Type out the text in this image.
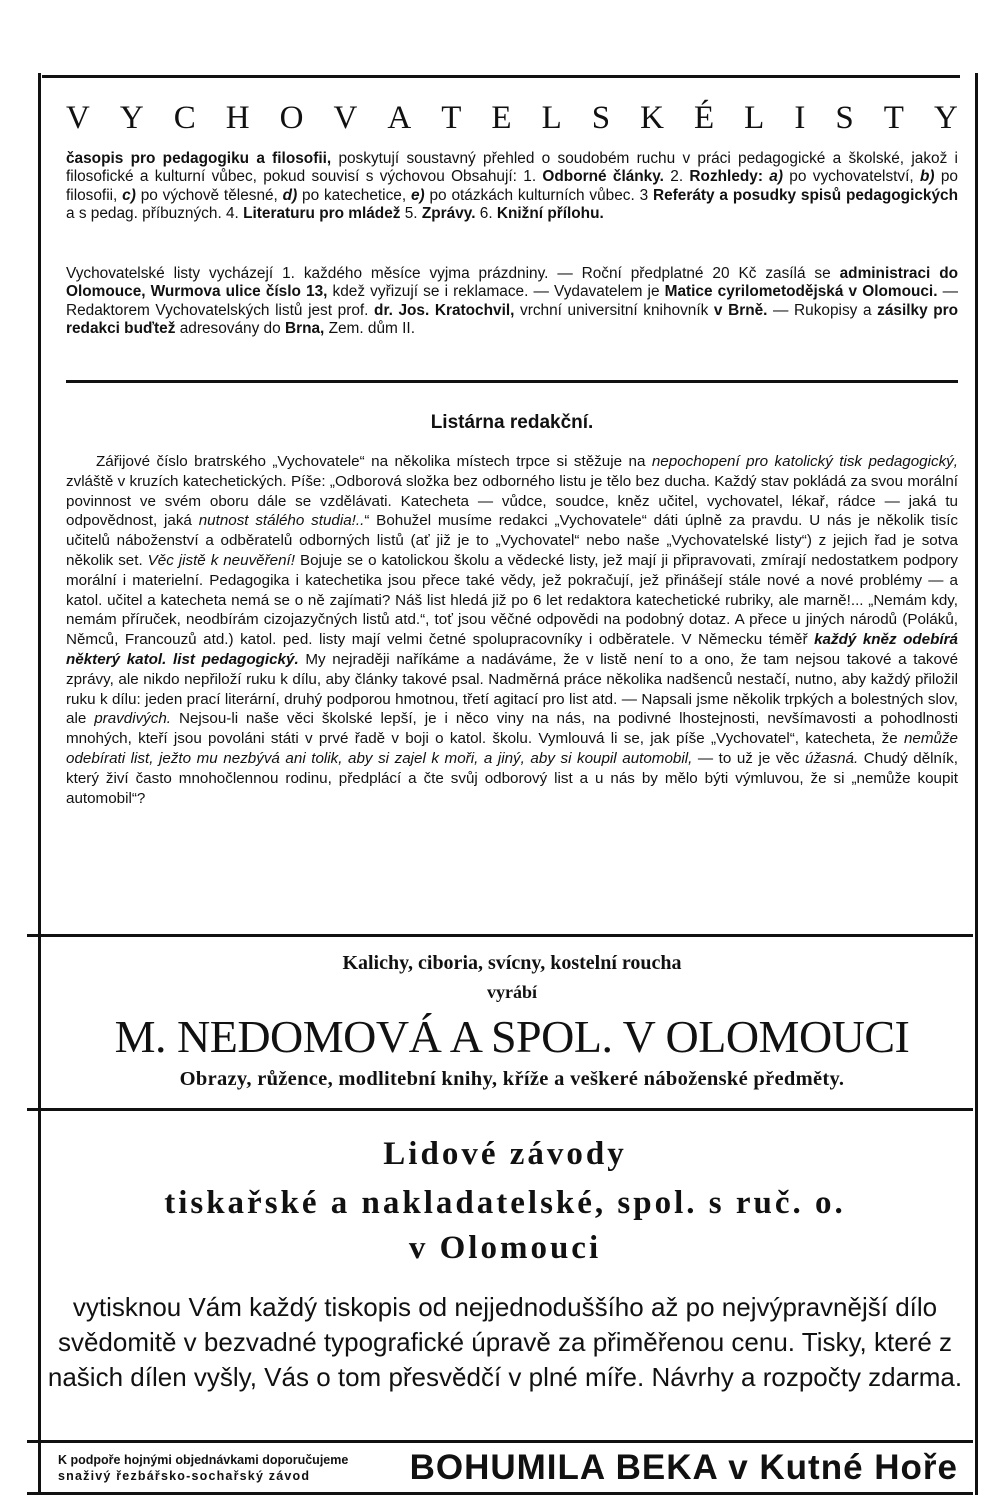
V Y C H O V A T E L S K É L I S T Y
časopis pro pedagogiku a filosofii, poskytují soustavný přehled o soudobém ruchu v práci pedagogické a školské, jakož i filosofické a kulturní vůbec, pokud souvisí s výchovou Obsahují: 1. Odborné články. 2. Rozhledy: a) po vychovatelství, b) po filosofii, c) po výchově tělesné, d) po katechetice, e) po otázkách kulturních vůbec. 3 Referáty a posudky spisů pedagogických a s pedag. příbuzných. 4. Literaturu pro mládež 5. Zprávy. 6. Knižní přílohu.
Vychovatelské listy vycházejí 1. každého měsíce vyjma prázdniny. — Roční předplatné 20 Kč zasílá se administraci do Olomouce, Wurmova ulice číslo 13, kdež vyřizují se i reklamace. — Vydavatelem je Matice cyrilometodějská v Olomouci. — Redaktorem Vychovatelských listů jest prof. dr. Jos. Kratochvil, vrchní universitní knihovník v Brně. — Rukopisy a zásilky pro redakci buďtež adresovány do Brna, Zem. dům II.
Listárna redakční.
Zářijové číslo bratrského „Vychovatele“ na několika místech trpce si stěžuje na nepochopení pro katolický tisk pedagogický, zvláště v kruzích katechetických. Píše: „Odborová složka bez odborného listu je tělo bez ducha. Každý stav pokládá za svou morální povinnost ve svém oboru dále se vzdělávati. Katecheta — vůdce, soudce, kněz učitel, vychovatel, lékař, rádce — jaká tu odpovědnost, jaká nutnost stálého studia!..“ Bohužel musíme redakci „Vychovatele“ dáti úplně za pravdu. U nás je několik tisíc učitelů náboženství a odběratelů odborných listů (ať již je to „Vychovatel“ nebo naše „Vychovatelské listy“) z jejich řad je sotva několik set. Věc jistě k neuvěření! Bojuje se o katolickou školu a vědecké listy, jež mají ji připravovati, zmírají nedostatkem podpory morální i materielní. Pedagogika i katechetika jsou přece také vědy, jež pokračují, jež přinášejí stále nové a nové problémy — a katol. učitel a katecheta nemá se o ně zajímati? Náš list hledá již po 6 let redaktora katechetické rubriky, ale marně!... „Nemám kdy, nemám příruček, neodbírám cizojazyčných listů atd.“, toť jsou věčné odpovědi na podobný dotaz. A přece u jiných národů (Poláků, Němců, Francouzů atd.) katol. ped. listy mají velmi četné spolupracovníky i odběratele. V Německu téměř každý kněz odebírá některý katol. list pedagogický. My nejraději naříkáme a nadáváme, že v listě není to a ono, že tam nejsou takové a takové zprávy, ale nikdo nepřiloží ruku k dílu, aby články takové psal. Nadměrná práce několika nadšenců nestačí, nutno, aby každý přiložil ruku k dílu: jeden prací literární, druhý podporou hmotnou, třetí agitací pro list atd. — Napsali jsme několik trpkých a bolestných slov, ale pravdivých. Nejsou-li naše věci školské lepší, je i něco viny na nás, na podivné lhostejnosti, nevšímavosti a pohodlnosti mnohých, kteří jsou povoláni státi v prvé řadě v boji o katol. školu. Vymlouvá li se, jak píše „Vychovatel“, katecheta, že nemůže odebírati list, ježto mu nezbývá ani tolik, aby si zajel k moři, a jiný, aby si koupil automobil, — to už je věc úžasná. Chudý dělník, který živí často mnohočlennou rodinu, předplácí a čte svůj odborový list a u nás by mělo býti výmluvou, že si „nemůže koupit automobil“?
Kalichy, ciboria, svícny, kostelní roucha
vyrábí
M. NEDOMOVÁ A SPOL. V OLOMOUCI
Obrazy, růžence, modlitební knihy, kříže a veškeré náboženské předměty.
Lidové závody
tiskařské a nakladatelské, spol. s ruč. o.
v Olomouci
vytisknou Vám každý tiskopis od nejjednoduššího až po nejvýpravnější dílo svědomitě v bezvadné typografické úpravě za přiměřenou cenu. Tisky, které z našich dílen vyšly, Vás o tom přesvědčí v plné míře. Návrhy a rozpočty zdarma.
K podpoře hojnými objednávkami doporučujeme
snaživý řezbářsko-sochařský závod	BOHUMILA BEKA v Kutné Hoře
